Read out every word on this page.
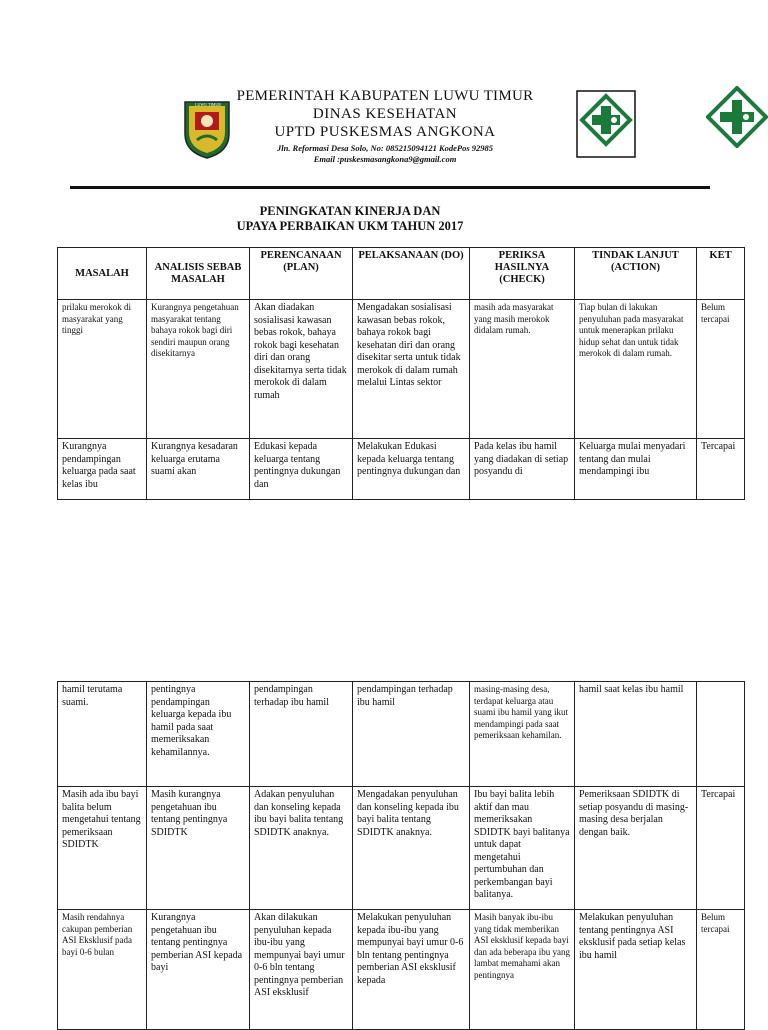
LUWU TIMUR
PEMERINTAH KABUPATEN LUWU TIMUR
DINAS KESEHATAN
UPTD PUSKESMAS ANGKONA
Jln. Reformasi Desa Solo, No: 085215094121 KodePos 92985
Email :puskesmasangkona9@gmail.com
PENINGKATAN KINERJA DAN
UPAYA PERBAIKAN UKM TAHUN 2017
MASALAH	ANALISIS SEBAB MASALAH	PERENCANAAN (PLAN)	PELAKSANAAN (DO)	PERIKSA HASILNYA (CHECK)	TINDAK LANJUT (ACTION)	KET
prilaku merokok di masyarakat yang tinggi	Kurangnya pengetahuan masyarakat tentang bahaya rokok bagi diri sendiri maupun orang disekitarnya	Akan diadakan sosialisasi kawasan bebas rokok, bahaya rokok bagi kesehatan diri dan orang disekitarnya serta tidak merokok di dalam rumah	Mengadakan sosialisasi kawasan bebas rokok, bahaya rokok bagi kesehatan diri dan orang disekitar serta untuk tidak merokok di dalam rumah melalui Lintas sektor	masih ada masyarakat yang masih merokok didalam rumah.	Tiap bulan di lakukan penyuluhan pada masyarakat untuk menerapkan prilaku hidup sehat dan untuk tidak merokok di dalam rumah.	Belum tercapai
Kurangnya pendampingan keluarga pada saat kelas ibu	Kurangnya kesadaran keluarga erutama suami akan	Edukasi kepada keluarga tentang pentingnya dukungan dan	Melakukan Edukasi kepada keluarga tentang pentingnya dukungan dan	Pada kelas ibu hamil yang diadakan di setiap posyandu di	Keluarga mulai menyadari tentang dan mulai mendampingi ibu	Tercapai
hamil terutama suami.	pentingnya pendampingan keluarga kepada ibu hamil pada saat memeriksakan kehamilannya.	pendampingan terhadap ibu hamil	pendampingan terhadap ibu hamil	masing-masing desa, terdapat keluarga atau suami ibu hamil yang ikut mendampingi pada saat pemeriksaan kehamilan.	hamil saat kelas ibu hamil	
Masih ada ibu bayi balita belum mengetahui tentang pemeriksaan SDIDTK	Masih kurangnya pengetahuan ibu tentang pentingnya SDIDTK	Adakan penyuluhan dan konseling kepada ibu bayi balita tentang SDIDTK anaknya.	Mengadakan penyuluhan dan konseling kepada ibu bayi balita tentang SDIDTK anaknya.	Ibu bayi balita lebih aktif dan mau memeriksakan SDIDTK bayi balitanya untuk dapat mengetahui pertumbuhan dan perkembangan bayi balitanya.	Pemeriksaan SDIDTK di setiap posyandu di masing-masing desa berjalan dengan baik.	Tercapai
Masih rendahnya cakupan pemberian ASI Eksklusif pada bayi 0-6 bulan	Kurangnya pengetahuan ibu tentang pentingnya pemberian ASI kepada bayi	Akan dilakukan penyuluhan kepada ibu-ibu yang mempunyai bayi umur 0-6 bln tentang pentingnya pemberian ASI eksklusif	Melakukan penyuluhan kepada ibu-ibu yang mempunyai bayi umur 0-6 bln tentang pentingnya pemberian ASI eksklusif kepada	Masih banyak ibu-ibu yang tidak memberikan ASI eksklusif kepada bayi dan ada beberapa ibu yang lambat memahami akan pentingnya	Melakukan penyuluhan tentang pentingnya ASI eksklusif pada setiap kelas ibu hamil	Belum tercapai
